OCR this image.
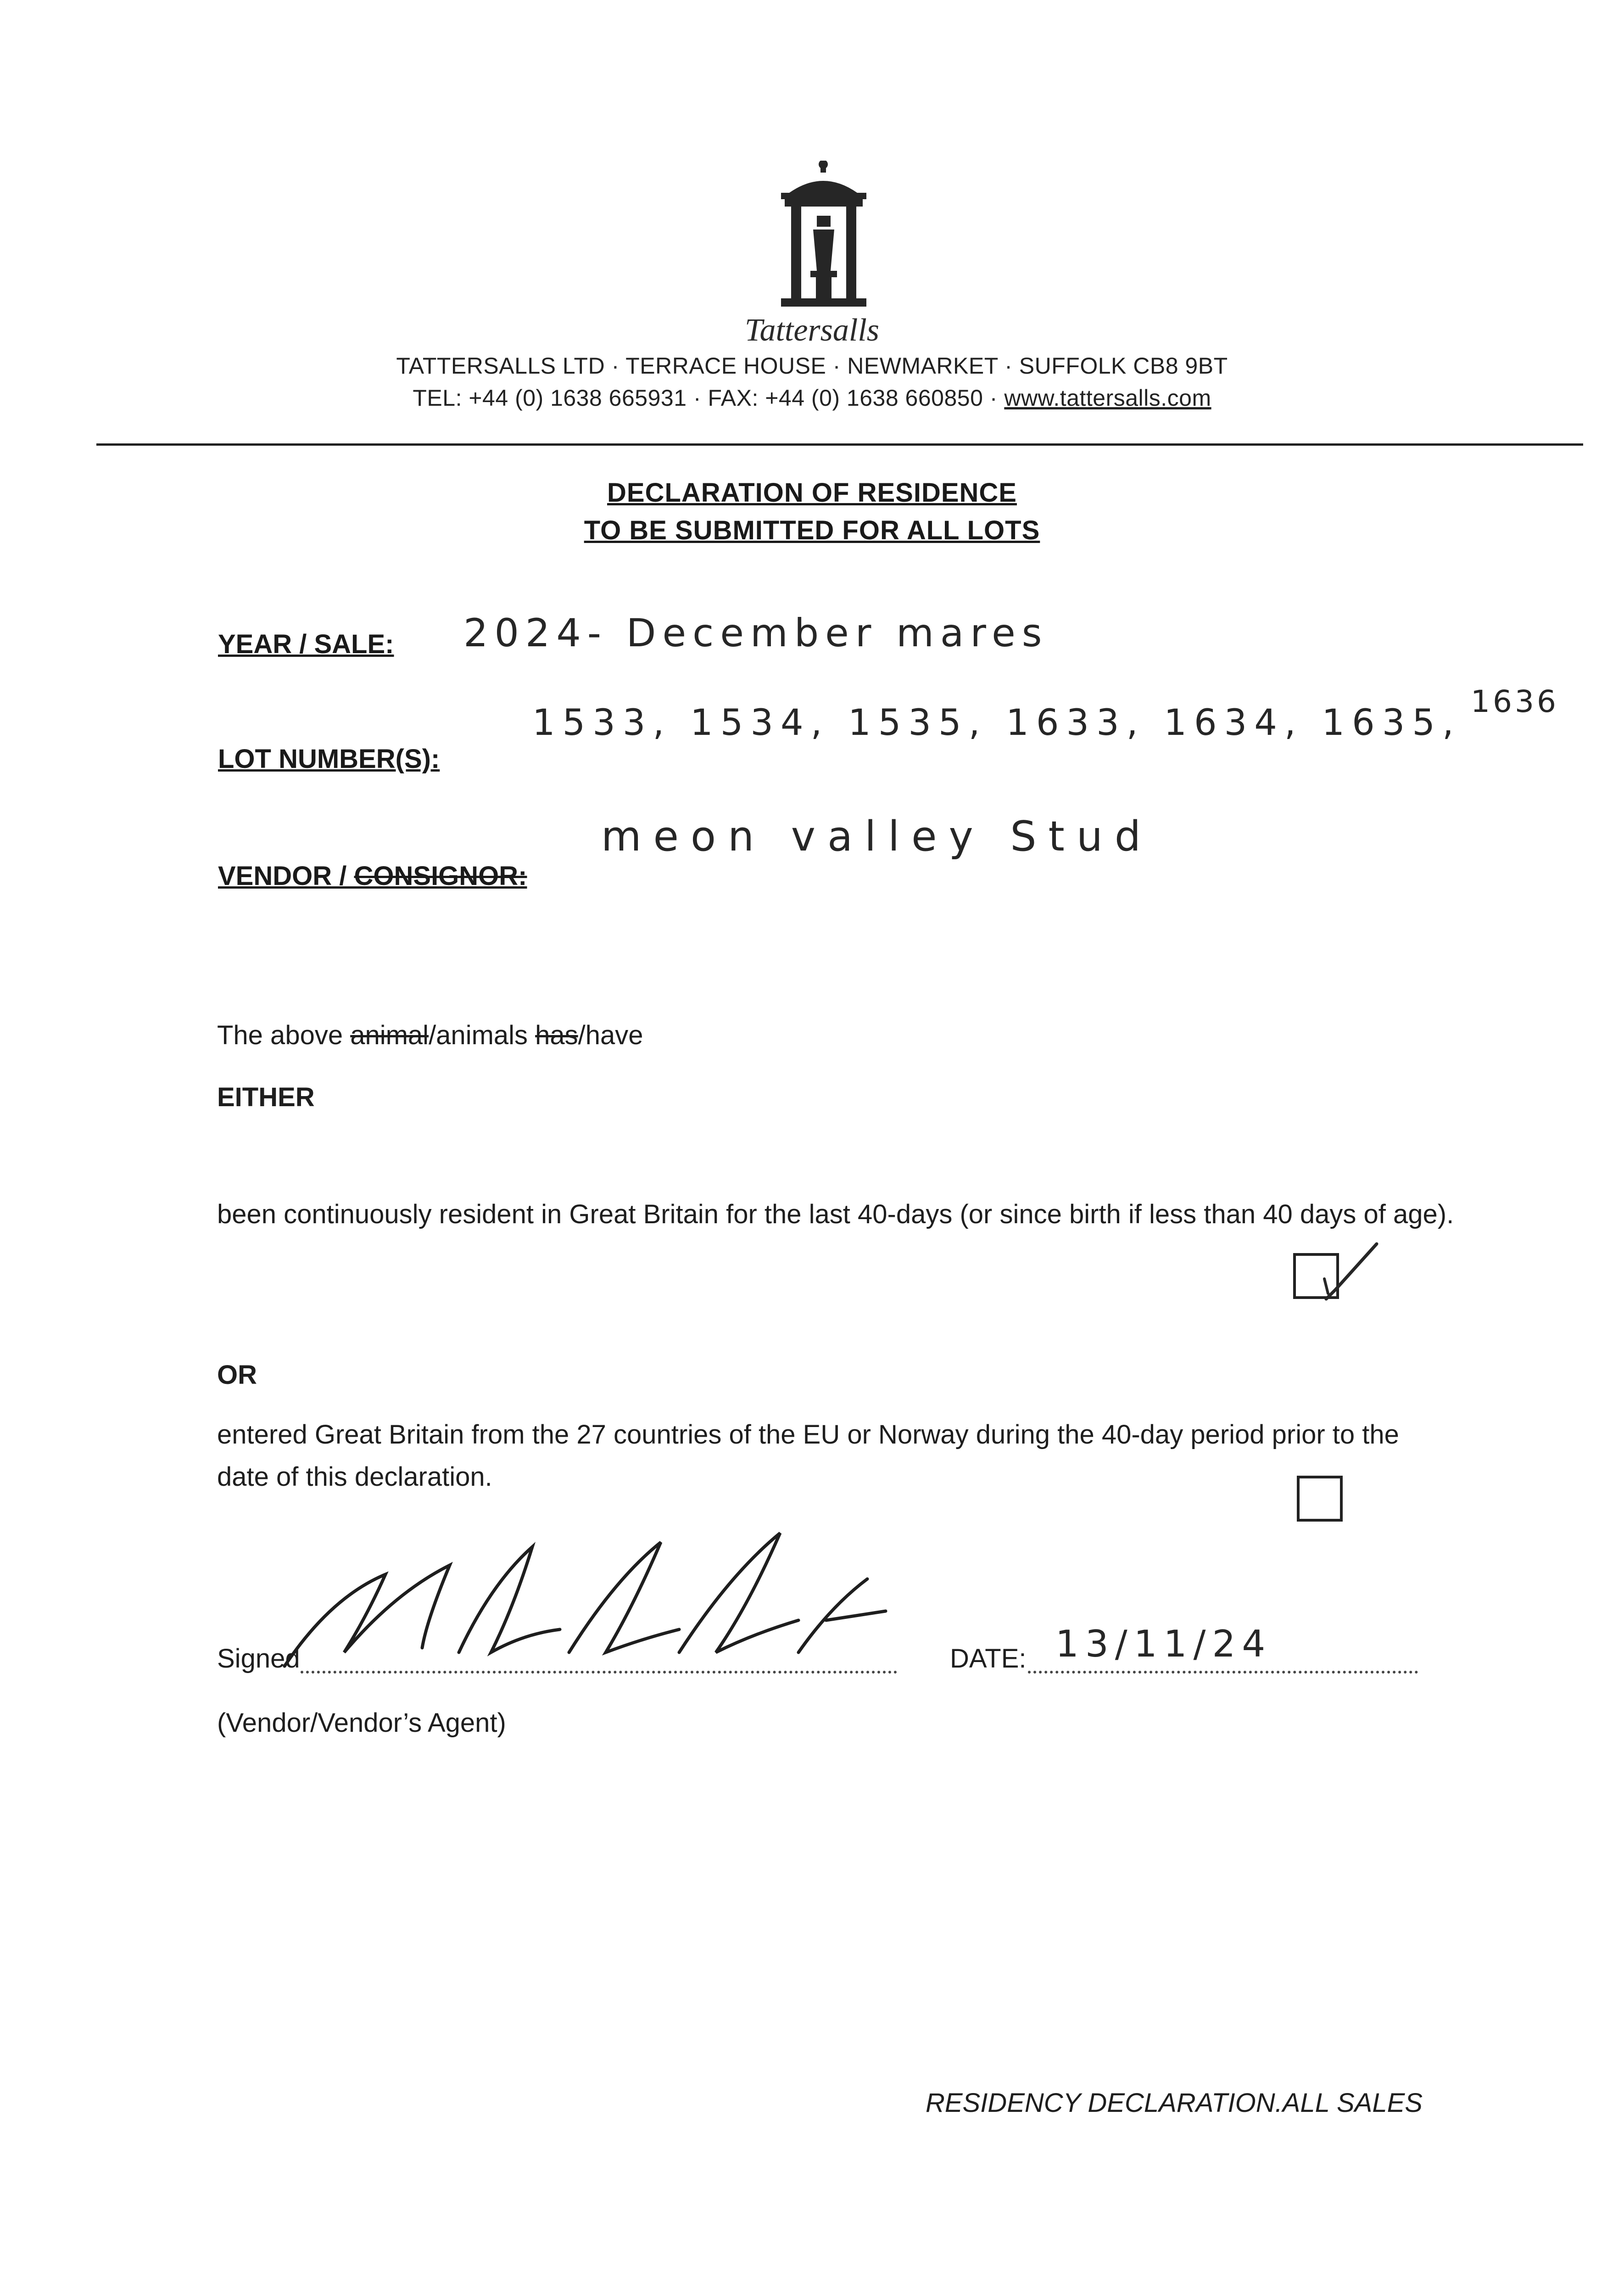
Tattersalls
TATTERSALLS LTD · TERRACE HOUSE · NEWMARKET · SUFFOLK CB8 9BT
TEL: +44 (0) 1638 665931 · FAX: +44 (0) 1638 660850 · www.tattersalls.com
DECLARATION OF RESIDENCE
TO BE SUBMITTED FOR ALL LOTS
YEAR / SALE: 2024- December mares
LOT NUMBER(S):
1533, 1534, 1535, 1633, 1634, 1635,
1636
VENDOR / CONSIGNOR:
meon valley Stud
The above animal/animals has/have
EITHER
been continuously resident in Great Britain for the last 40-days (or since birth if less than 40 days of age).
OR
entered Great Britain from the 27 countries of the EU or Norway during the 40-day period prior to the date of this declaration.
Signed	DATE: 13/11/24
(Vendor/Vendor’s Agent)
RESIDENCY DECLARATION.ALL SALES
